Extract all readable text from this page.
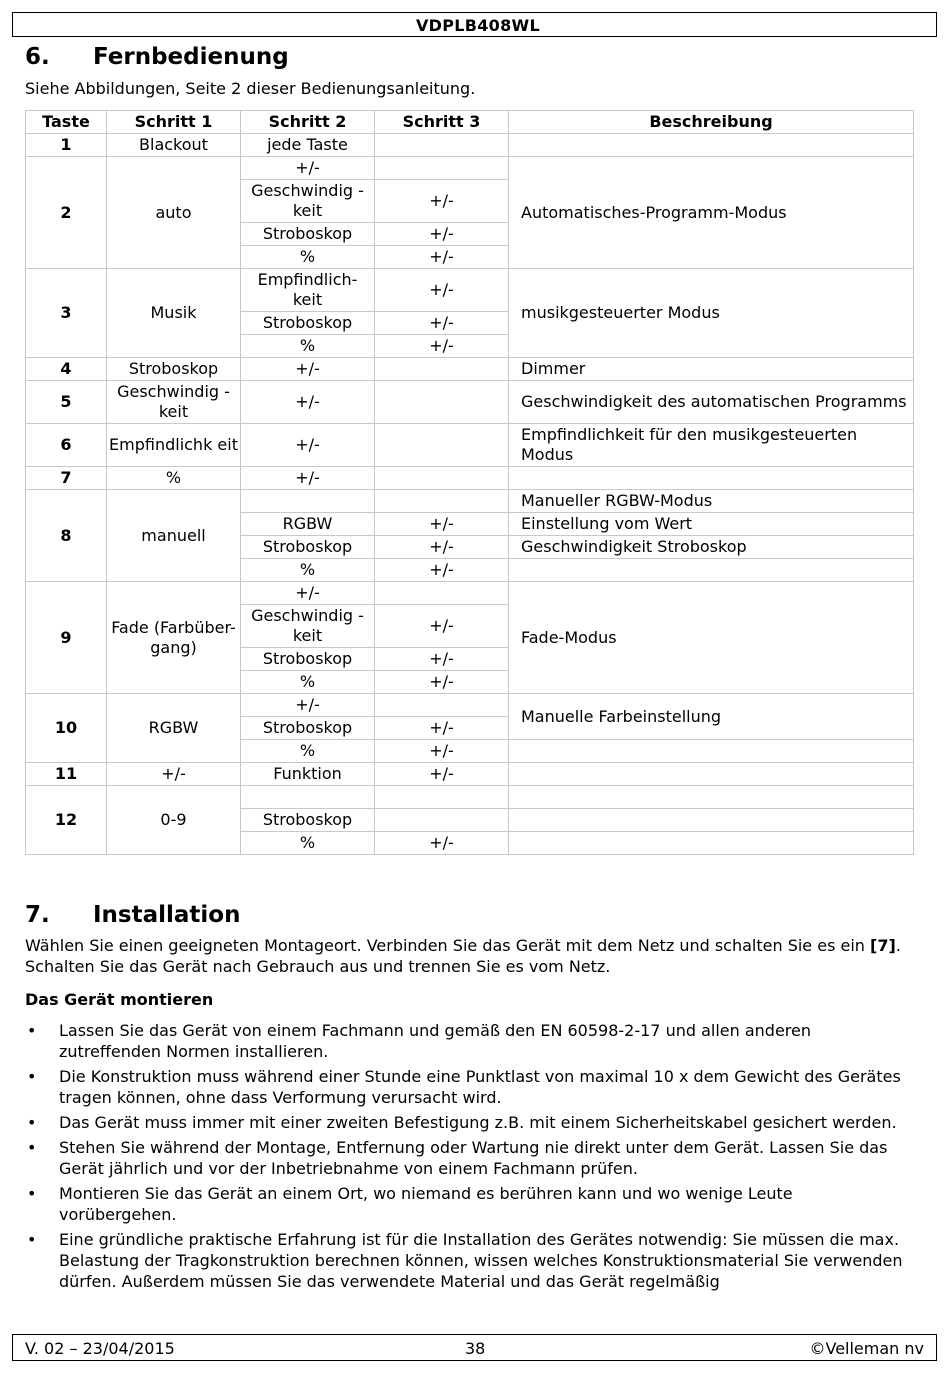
VDPLB408WL
6. Fernbedienung
Siehe Abbildungen, Seite 2 dieser Bedienungsanleitung.
Taste	Schritt 1	Schritt 2	Schritt 3	Beschreibung
1	Blackout	jede Taste		
2	auto	+/-		Automatisches-Programm-Modus
		Geschwindig -keit	+/-	
		Stroboskop	+/-	
		%	+/-	
3	Musik	Empfindlich- keit	+/-	musikgesteuerter Modus
		Stroboskop	+/-	
		%	+/-	
4	Stroboskop	+/-		Dimmer
5	Geschwindig -keit	+/-		Geschwindigkeit des automatischen Programms
6	Empfindlichk eit	+/-		Empfindlichkeit für den musikgesteuerten Modus
7	%	+/-		
8	manuell			Manueller RGBW-Modus
		RGBW	+/-	Einstellung vom Wert
		Stroboskop	+/-	Geschwindigkeit Stroboskop
		%	+/-	
9	Fade (Farbüber- gang)	+/-		Fade-Modus
		Geschwindig -keit	+/-	
		Stroboskop	+/-	
		%	+/-	
10	RGBW	+/-		Manuelle Farbeinstellung
		Stroboskop	+/-	
		%	+/-	
11	+/-	Funktion	+/-	
12	0-9			
		Stroboskop		
		%	+/-	
7. Installation
Wählen Sie einen geeigneten Montageort. Verbinden Sie das Gerät mit dem Netz und schalten Sie es ein [7]. Schalten Sie das Gerät nach Gebrauch aus und trennen Sie es vom Netz.
Das Gerät montieren
• Lassen Sie das Gerät von einem Fachmann und gemäß den EN 60598-2-17 und allen anderen zutreffenden Normen installieren.
• Die Konstruktion muss während einer Stunde eine Punktlast von maximal 10 x dem Gewicht des Gerätes tragen können, ohne dass Verformung verursacht wird.
• Das Gerät muss immer mit einer zweiten Befestigung z.B. mit einem Sicherheitskabel gesichert werden.
• Stehen Sie während der Montage, Entfernung oder Wartung nie direkt unter dem Gerät. Lassen Sie das Gerät jährlich und vor der Inbetriebnahme von einem Fachmann prüfen.
• Montieren Sie das Gerät an einem Ort, wo niemand es berühren kann und wo wenige Leute vorübergehen.
• Eine gründliche praktische Erfahrung ist für die Installation des Gerätes notwendig: Sie müssen die max. Belastung der Tragkonstruktion berechnen können, wissen welches Konstruktionsmaterial Sie verwenden dürfen. Außerdem müssen Sie das verwendete Material und das Gerät regelmäßig
V. 02 – 23/04/2015	38	©Velleman nv
